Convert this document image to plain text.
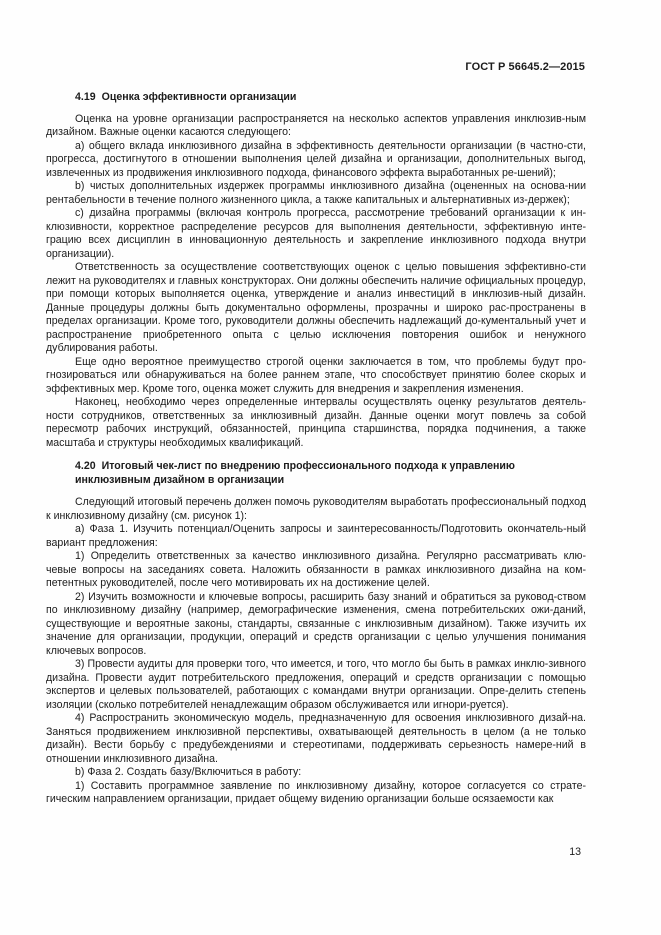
ГОСТ Р 56645.2—2015
4.19 Оценка эффективности организации

Оценка на уровне организации распространяется на несколько аспектов управления инклюзив-ным дизайном. Важные оценки касаются следующего:

а) общего вклада инклюзивного дизайна в эффективность деятельности организации (в частно-сти, прогресса, достигнутого в отношении выполнения целей дизайна и организации, дополнительных выгод, извлеченных из продвижения инклюзивного подхода, финансового эффекта выработанных ре-шений);

b) чистых дополнительных издержек программы инклюзивного дизайна (оцененных на основа-нии рентабельности в течение полного жизненного цикла, а также капитальных и альтернативных из-держек);

c) дизайна программы (включая контроль прогресса, рассмотрение требований организации к ин-клюзивности, корректное распределение ресурсов для выполнения деятельности, эффективную инте-грацию всех дисциплин в инновационную деятельность и закрепление инклюзивного подхода внутри организации).

Ответственность за осуществление соответствующих оценок с целью повышения эффективно-сти лежит на руководителях и главных конструкторах. Они должны обеспечить наличие официальных процедур, при помощи которых выполняется оценка, утверждение и анализ инвестиций в инклюзив-ный дизайн. Данные процедуры должны быть документально оформлены, прозрачны и широко рас-пространены в пределах организации. Кроме того, руководители должны обеспечить надлежащий до-кументальный учет и распространение приобретенного опыта с целью исключения повторения ошибок и ненужного дублирования работы.

Еще одно вероятное преимущество строгой оценки заключается в том, что проблемы будут про-гнозироваться или обнаруживаться на более раннем этапе, что способствует принятию более скорых и эффективных мер. Кроме того, оценка может служить для внедрения и закрепления изменения.

Наконец, необходимо через определенные интервалы осуществлять оценку результатов деятель-ности сотрудников, ответственных за инклюзивный дизайн. Данные оценки могут повлечь за собой пересмотр рабочих инструкций, обязанностей, принципа старшинства, порядка подчинения, а также масштаба и структуры необходимых квалификаций.

4.20 Итоговый чек-лист по внедрению профессионального подхода к управлению
инклюзивным дизайном в организации

Следующий итоговый перечень должен помочь руководителям выработать профессиональный подход к инклюзивному дизайну (см. рисунок 1):

а) Фаза 1. Изучить потенциал/Оценить запросы и заинтересованность/Подготовить окончатель-ный вариант предложения:

1) Определить ответственных за качество инклюзивного дизайна. Регулярно рассматривать клю-чевые вопросы на заседаниях совета. Наложить обязанности в рамках инклюзивного дизайна на ком-петентных руководителей, после чего мотивировать их на достижение целей.

2) Изучить возможности и ключевые вопросы, расширить базу знаний и обратиться за руковод-ством по инклюзивному дизайну (например, демографические изменения, смена потребительских ожи-даний, существующие и вероятные законы, стандарты, связанные с инклюзивным дизайном). Также изучить их значение для организации, продукции, операций и средств организации с целью улучшения понимания ключевых вопросов.

3) Провести аудиты для проверки того, что имеется, и того, что могло бы быть в рамках инклю-зивного дизайна. Провести аудит потребительского предложения, операций и средств организации с помощью экспертов и целевых пользователей, работающих с командами внутри организации. Опре-делить степень изоляции (сколько потребителей ненадлежащим образом обслуживается или игнори-руется).

4) Распространить экономическую модель, предназначенную для освоения инклюзивного дизай-на. Заняться продвижением инклюзивной перспективы, охватывающей деятельность в целом (а не только дизайн). Вести борьбу с предубеждениями и стереотипами, поддерживать серьезность намере-ний в отношении инклюзивного дизайна.

b) Фаза 2. Создать базу/Включиться в работу:

1) Составить программное заявление по инклюзивному дизайну, которое согласуется со страте-гическим направлением организации, придает общему видению организации больше осязаемости как

13
